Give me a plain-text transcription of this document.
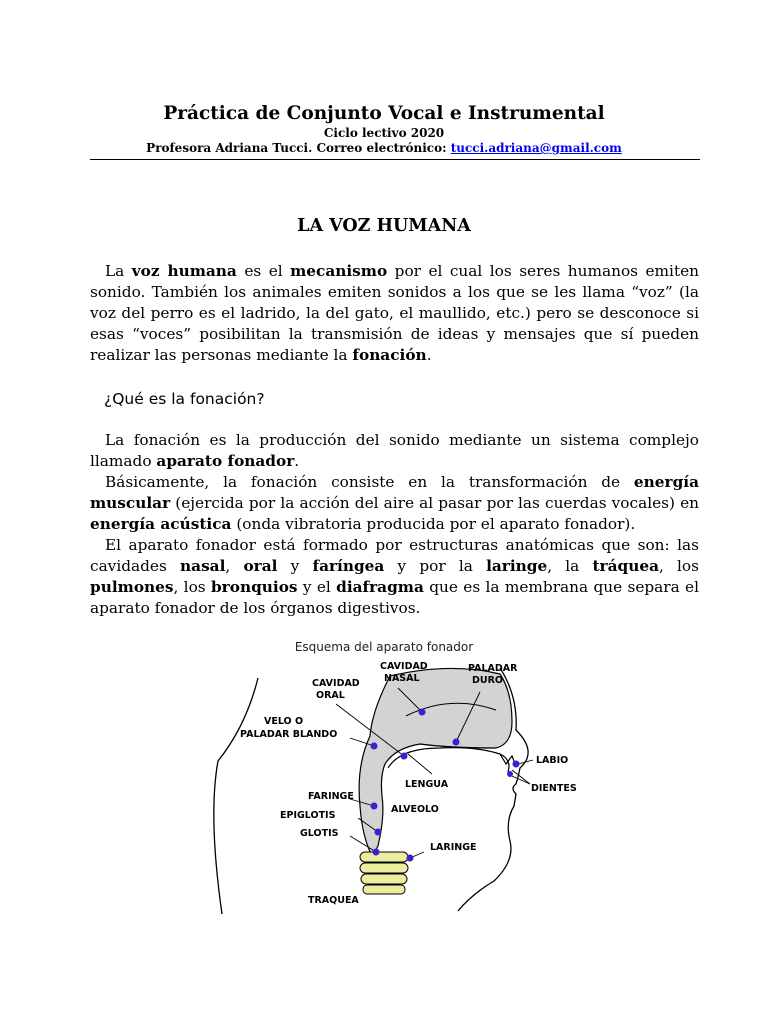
Práctica de Conjunto Vocal e Instrumental
Ciclo lectivo 2020
Profesora Adriana Tucci. Correo electrónico: tucci.adriana@gmail.com
LA VOZ HUMANA

La voz humana es el mecanismo por el cual los seres humanos emiten sonido. También los animales emiten sonidos a los que se les llama “voz” (la voz del perro es el ladrido, la del gato, el maullido, etc.) pero se desconoce si esas “voces” posibilitan la transmisión de ideas y mensajes que sí pueden realizar las personas mediante la fonación.

¿Qué es la fonación?

La fonación es la producción del sonido mediante un sistema complejo llamado aparato fonador.

Básicamente, la fonación consiste en la transformación de energía muscular (ejercida por la acción del aire al pasar por las cuerdas vocales) en energía acústica (onda vibratoria producida por el aparato fonador).

El aparato fonador está formado por estructuras anatómicas que son: las cavidades nasal, oral y faríngea y por la laringe, la tráquea, los pulmones, los bronquios y el diafragma que es la membrana que separa el aparato fonador de los órganos digestivos.

Esquema del aparato fonador
CAVIDAD
NASAL
PALADAR
DURO
CAVIDAD
ORAL
VELO O
PALADAR BLANDO
LABIO
DIENTES
LENGUA
FARINGE
ALVEOLO
EPIGLOTIS
GLOTIS
LARINGE
TRAQUEA
